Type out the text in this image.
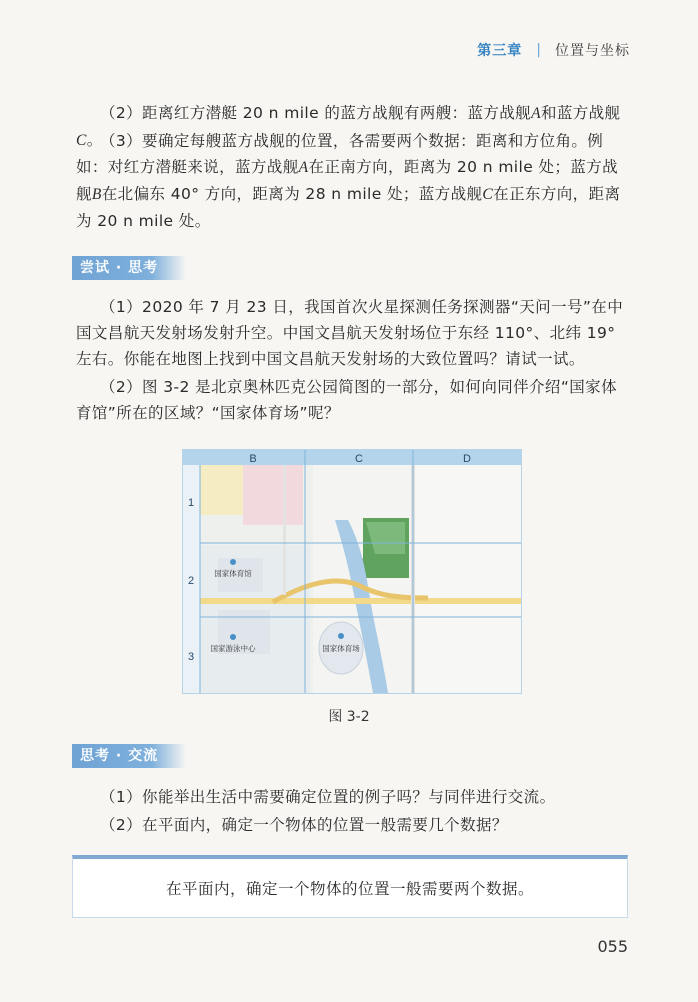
第三章 | 位置与坐标

（2）距离红方潜艇 20 n mile 的蓝方战舰有两艘：蓝方战舰A和蓝方战舰C。

（3）要确定每艘蓝方战舰的位置，各需要两个数据：距离和方位角。例如：对红方潜艇来说，蓝方战舰A在正南方向，距离为 20 n mile 处；蓝方战舰B在北偏东 40° 方向，距离为 28 n mile 处；蓝方战舰C在正东方向，距离为 20 n mile 处。

尝试 · 思考

（1）2020 年 7 月 23 日，我国首次火星探测任务探测器“天问一号”在中国文昌航天发射场发射升空。中国文昌航天发射场位于东经 110°、北纬 19° 左右。你能在地图上找到中国文昌航天发射场的大致位置吗？请试一试。

（2）图 3-2 是北京奥林匹克公园简图的一部分，如何向同伴介绍“国家体育馆”所在的区域？“国家体育场”呢？

B	C	D
1
2
3
国家体育馆
国家游泳中心	国家体育场
图 3-2
思考 · 交流

（1）你能举出生活中需要确定位置的例子吗？与同伴进行交流。

（2）在平面内，确定一个物体的位置一般需要几个数据？

在平面内，确定一个物体的位置一般需要两个数据。
055
